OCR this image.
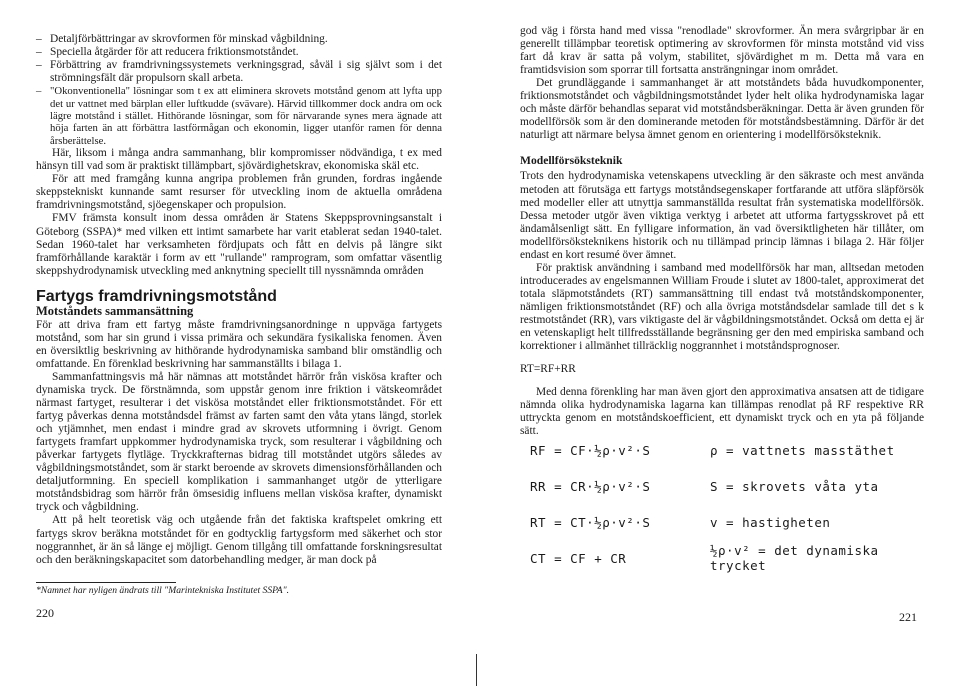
– Detaljförbättringar av skrovformen för minskad vågbildning.
– Speciella åtgärder för att reducera friktionsmotståndet.
– Förbättring av framdrivningssystemets verkningsgrad, såväl i sig självt som i det strömningsfält där propulsorn skall arbeta.
– "Okonventionella" lösningar som t ex att eliminera skrovets motstånd genom att lyfta upp det ur vattnet med bärplan eller luftkudde (svävare). Härvid tillkommer dock andra om ock lägre motstånd i stället. Hithörande lösningar, som för närvarande synes mera ägnade att höja farten än att förbättra lastförmågan och ekonomin, ligger utanför ramen för denna årsberättelse.

Här, liksom i många andra sammanhang, blir kompromisser nödvändiga, t ex med hänsyn till vad som är praktiskt tillämpbart, sjövärdighetskrav, ekonomiska skäl etc.

För att med framgång kunna angripa problemen från grunden, fordras ingående skeppstekniskt kunnande samt resurser för utveckling inom de aktuella områdena framdrivningsmotstånd, sjöegenskaper och propulsion.

FMV främsta konsult inom dessa områden är Statens Skeppsprovningsanstalt i Göteborg (SSPA)* med vilken ett intimt samarbete har varit etablerat sedan 1940-talet. Sedan 1960-talet har verksamheten fördjupats och fått en delvis på längre sikt framförhållande karaktär i form av ett "rullande" ramprogram, som omfattar väsentlig skeppshydrodynamisk utveckling med anknytning speciellt till nyssnämnda områden

Fartygs framdrivningsmotstånd
Motståndets sammansättning

För att driva fram ett fartyg måste framdrivningsanordninge n uppväga fartygets motstånd, som har sin grund i vissa primära och sekundära fysikaliska fenomen. Även en översiktlig beskrivning av hithörande hydrodynamiska samband blir omständlig och omfattande. En förenklad beskrivning har sammanställts i bilaga 1.

Sammanfattningsvis må här nämnas att motståndet härrör från viskösa krafter och dynamiska tryck. De förstnämnda, som uppstår genom inre friktion i vätskeområdet närmast fartyget, resulterar i det viskösa motståndet eller friktionsmotståndet. För ett fartyg påverkas denna motståndsdel främst av farten samt den våta ytans längd, storlek och ytjämnhet, men endast i mindre grad av skrovets utformning i övrigt. Genom fartygets framfart uppkommer hydrodynamiska tryck, som resulterar i vågbildning och påverkar fartygets flytläge. Tryckkrafternas bidrag till motståndet utgörs således av vågbildningsmotståndet, som är starkt beroende av skrovets dimensionsförhållanden och detaljutformning. En speciell komplikation i sammanhanget utgör de ytterligare motståndsbidrag som härrör från ömsesidig influens mellan viskösa krafter, dynamiskt tryck och vågbildning.

Att på helt teoretisk väg och utgående från det faktiska kraftspelet omkring ett fartygs skrov beräkna motståndet för en godtycklig fartygsform med säkerhet och stor noggrannhet, är än så länge ej möjligt. Genom tillgång till omfattande forskningsresultat och den beräkningskapacitet som datorbehandling medger, är man dock på

*Namnet har nyligen ändrats till "Marintekniska Institutet SSPA".
220

god väg i första hand med vissa "renodlade" skrovformer. Än mera svårgripbar är en generellt tillämpbar teoretisk optimering av skrovformen för minsta motstånd vid viss fart då krav är satta på volym, stabilitet, sjövärdighet m m. Detta må vara en framtidsvision som sporrar till fortsatta ansträngningar inom området.

Det grundläggande i sammanhanget är att motståndets båda huvudkomponenter, friktionsmotståndet och vågbildningsmotståndet lyder helt olika hydrodynamiska lagar och måste därför behandlas separat vid motståndsberäkningar. Detta är även grunden för modellförsök som är den dominerande metoden för motståndsbestämning. Därför är det naturligt att närmare belysa ämnet genom en orientering i modellförsöksteknik.

Modellförsöksteknik

Trots den hydrodynamiska vetenskapens utveckling är den säkraste och mest använda metoden att förutsäga ett fartygs motståndsegenskaper fortfarande att utföra släpförsök med modeller eller att utnyttja sammanställda resultat från systematiska modellförsök. Dessa metoder utgör även viktiga verktyg i arbetet att utforma fartygsskrovet på ett ändamålsenligt sätt. En fylligare information, än vad översiktligheten här tillåter, om modellförsöksteknikens historik och nu tillämpad princip lämnas i bilaga 2. Här följer endast en kort resumé över ämnet.

För praktisk användning i samband med modellförsök har man, alltsedan metoden introducerades av engelsmannen William Froude i slutet av 1800-talet, approximerat det totala släpmotståndets (RT) sammansättning till endast två motståndskomponenter, nämligen friktionsmotståndet (RF) och alla övriga motståndsdelar samlade till det s k restmotståndet (RR), vars viktigaste del är vågbildningsmotståndet. Också om detta ej är en vetenskapligt helt tillfredsställande begränsning ger den med empiriska samband och korrektioner i allmänhet tillräcklig noggrannhet i motståndsprognoser.

RT=RF+RR

Med denna förenkling har man även gjort den approximativa ansatsen att de tidigare nämnda olika hydrodynamiska lagarna kan tillämpas renodlat på RF respektive RR uttryckta genom en motståndskoefficient, ett dynamiskt tryck och en yta på följande sätt.

RF = CF·½ρ·v²·S	ρ = vattnets masstäthet
RR = CR·½ρ·v²·S	S = skrovets våta yta
RT = CT·½ρ·v²·S	v = hastigheten
CT = CF + CR	½ρ·v² = det dynamiska trycket
221
